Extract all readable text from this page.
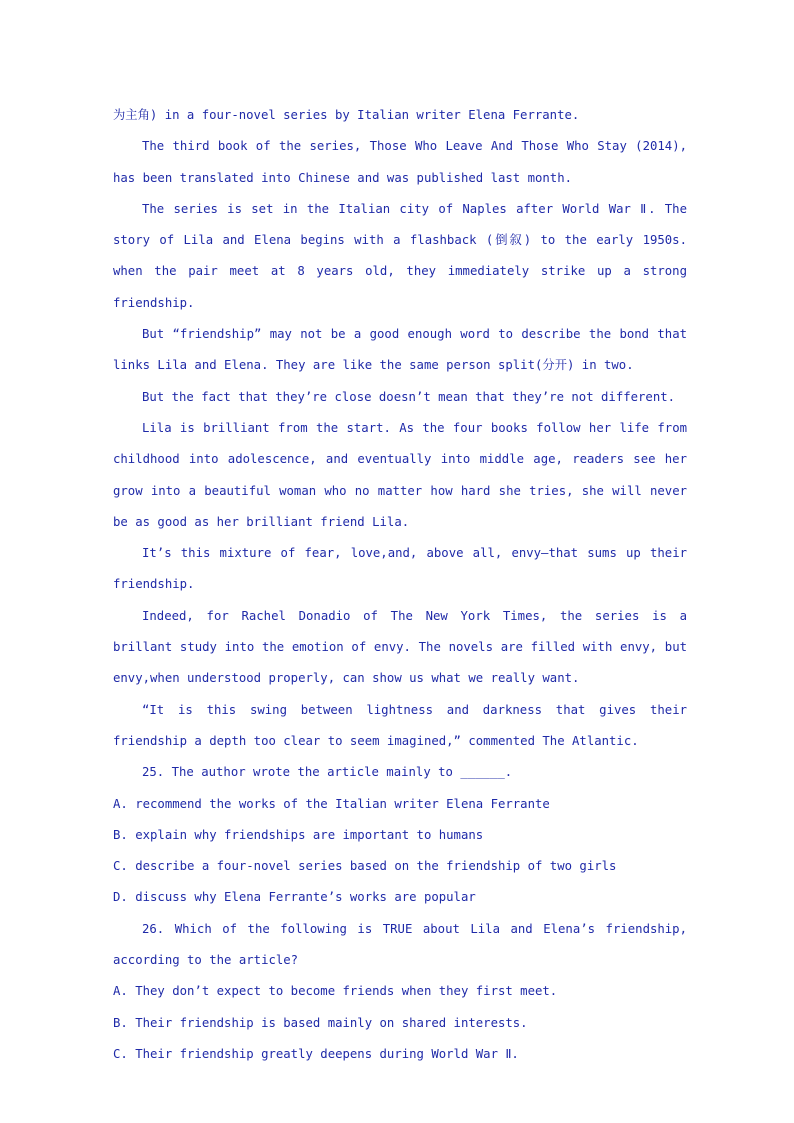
为主角) in a four-novel series by Italian writer Elena Ferrante.

The third book of the series, Those Who Leave And Those Who Stay (2014), has been translated into Chinese and was published last month.

The series is set in the Italian city of Naples after World War Ⅱ. The story of Lila and Elena begins with a flashback (倒叙) to the early 1950s. when the pair meet at 8 years old, they immediately strike up a strong friendship.

But “friendship” may not be a good enough word to describe the bond that links Lila and Elena. They are like the same person split(分开) in two.

But the fact that they’re close doesn’t mean that they’re not different.

Lila is brilliant from the start. As the four books follow her life from childhood into adolescence, and eventually into middle age, readers see her grow into a beautiful woman who no matter how hard she tries, she will never be as good as her brilliant friend Lila.

It’s this mixture of fear, love,and, above all, envy—that sums up their friendship.

Indeed, for Rachel Donadio of The New York Times, the series is a brillant study into the emotion of envy. The novels are filled with envy, but envy,when understood properly, can show us what we really want.

“It is this swing between lightness and darkness that gives their friendship a depth too clear to seem imagined,” commented The Atlantic.

25. The author wrote the article mainly to ______.

A. recommend the works of the Italian writer Elena Ferrante

B. explain why friendships are important to humans

C. describe a four-novel series based on the friendship of two girls

D. discuss why Elena Ferrante’s works are popular

26. Which of the following is TRUE about Lila and Elena’s friendship, according to the article?

A. They don’t expect to become friends when they first meet.

B. Their friendship is based mainly on shared interests.

C. Their friendship greatly deepens during World War Ⅱ.
